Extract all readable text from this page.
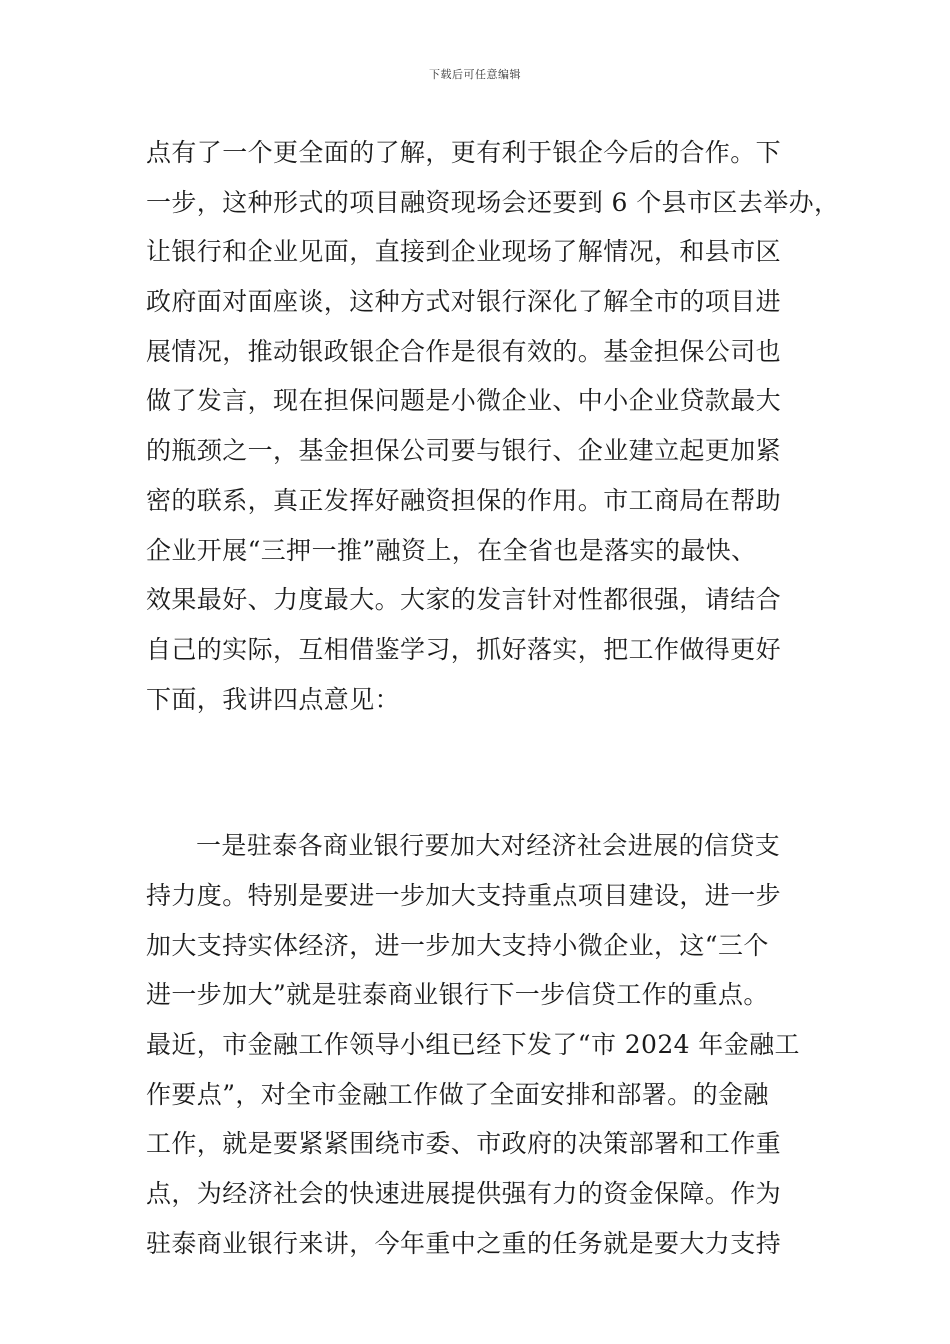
下载后可任意编辑
点有了一个更全面的了解，更有利于银企今后的合作。下
一步，这种形式的项目融资现场会还要到 6 个县市区去举办，
让银行和企业见面，直接到企业现场了解情况，和县市区
政府面对面座谈，这种方式对银行深化了解全市的项目进
展情况，推动银政银企合作是很有效的。基金担保公司也
做了发言，现在担保问题是小微企业、中小企业贷款最大
的瓶颈之一，基金担保公司要与银行、企业建立起更加紧
密的联系，真正发挥好融资担保的作用。市工商局在帮助
企业开展“三押一推”融资上，在全省也是落实的最快、
效果最好、力度最大。大家的发言针对性都很强，请结合
自己的实际，互相借鉴学习，抓好落实，把工作做得更好
下面，我讲四点意见：
一是驻泰各商业银行要加大对经济社会进展的信贷支
持力度。特别是要进一步加大支持重点项目建设，进一步
加大支持实体经济，进一步加大支持小微企业，这“三个
进一步加大”就是驻泰商业银行下一步信贷工作的重点。
最近，市金融工作领导小组已经下发了“市 2024 年金融工
作要点”，对全市金融工作做了全面安排和部署。的金融
工作，就是要紧紧围绕市委、市政府的决策部署和工作重
点，为经济社会的快速进展提供强有力的资金保障。作为
驻泰商业银行来讲，今年重中之重的任务就是要大力支持
